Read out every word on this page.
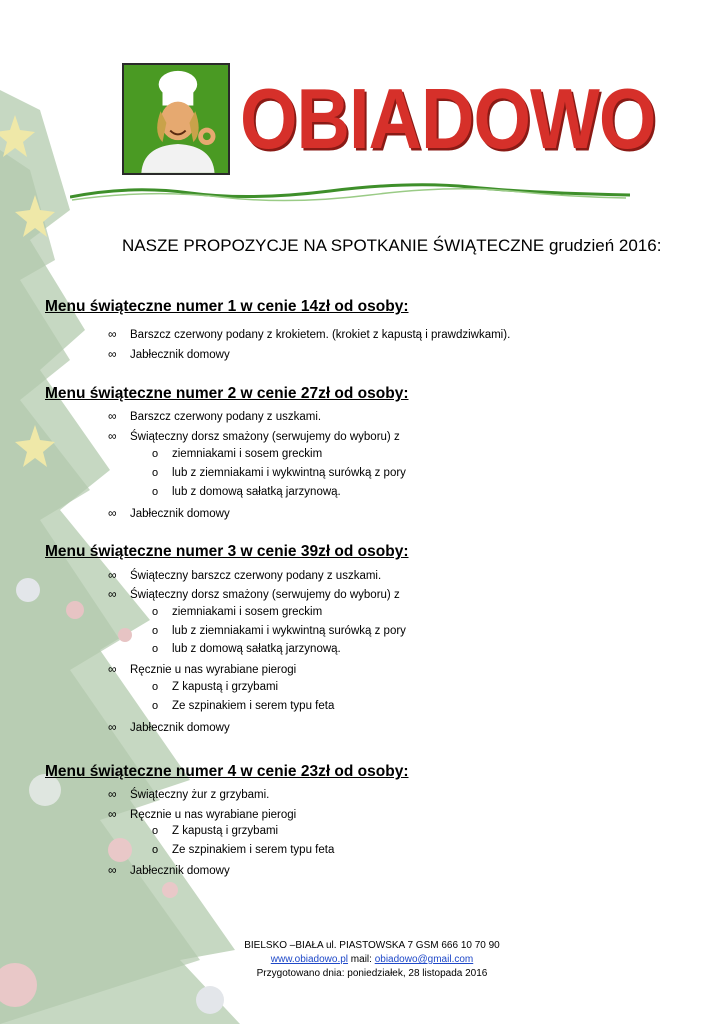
OBIADOWO
NASZE PROPOZYCJE NA SPOTKANIE ŚWIĄTECZNE grudzień 2016:
Menu świąteczne numer 1 w cenie 14zł od osoby:
∞ Barszcz czerwony podany z krokietem. (krokiet z kapustą i prawdziwkami).
∞ Jabłecznik domowy
Menu świąteczne numer 2 w cenie 27zł od osoby:
∞ Barszcz czerwony podany z uszkami.
∞ Świąteczny dorsz smażony (serwujemy do wyboru) z
o ziemniakami i sosem greckim
o lub z ziemniakami i wykwintną surówką z pory
o lub z domową sałatką jarzynową.
∞ Jabłecznik domowy
Menu świąteczne numer 3 w cenie 39zł od osoby:
∞ Świąteczny barszcz czerwony podany z uszkami.
∞ Świąteczny dorsz smażony (serwujemy do wyboru) z
o ziemniakami i sosem greckim
o lub z ziemniakami i wykwintną surówką z pory
o lub z domową sałatką jarzynową.
∞ Ręcznie u nas wyrabiane pierogi
o Z kapustą i grzybami
o Ze szpinakiem i serem typu feta
∞ Jabłecznik domowy
Menu świąteczne numer 4 w cenie 23zł od osoby:
∞ Świąteczny żur z grzybami.
∞ Ręcznie u nas wyrabiane pierogi
o Z kapustą i grzybami
o Ze szpinakiem i serem typu feta
∞ Jabłecznik domowy
BIELSKO –BIAŁA ul. PIASTOWSKA 7 GSM 666 10 70 90
www.obiadowo.pl mail: obiadowo@gmail.com
Przygotowano dnia: poniedziałek, 28 listopada 2016
